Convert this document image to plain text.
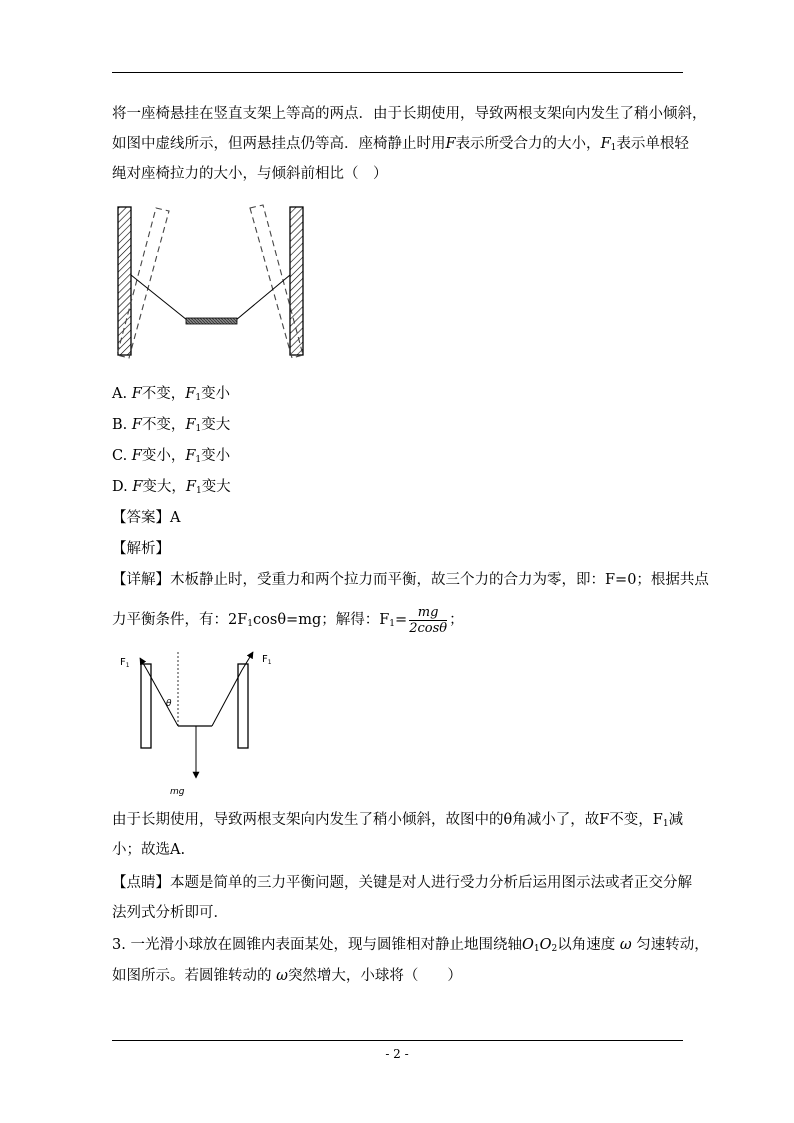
将一座椅悬挂在竖直支架上等高的两点．由于长期使用，导致两根支架向内发生了稍小倾斜，
如图中虚线所示，但两悬挂点仍等高．座椅静止时用F表示所受合力的大小，$F_1$表示单根轻
绳对座椅拉力的大小，与倾斜前相比（　）
A. F不变，$F_1$变小
B. F不变，$F_1$变大
C. F变小，$F_1$变小
D. F变大，$F_1$变大
【答案】A
【解析】
【详解】木板静止时，受重力和两个拉力而平衡，故三个力的合力为零，即：F=0；根据共点
力平衡条件，有：$2F_1\cos\theta=mg$；解得：$F_1= \frac{mg}{2\cos\theta}$ ；
$F_1$
$F_1$
θ
mg
由于长期使用，导致两根支架向内发生了稍小倾斜，故图中的θ角减小了，故F不变，$F_1$减
小；故选A.
【点睛】本题是简单的三力平衡问题，关键是对人进行受力分析后运用图示法或者正交分解
法列式分析即可．
3. 一光滑小球放在圆锥内表面某处，现与圆锥相对静止地围绕轴$O_1O_2$以角速度 ω 匀速转动，
如图所示。若圆锥转动的 ω突然增大，小球将（　　）
- 2 -
